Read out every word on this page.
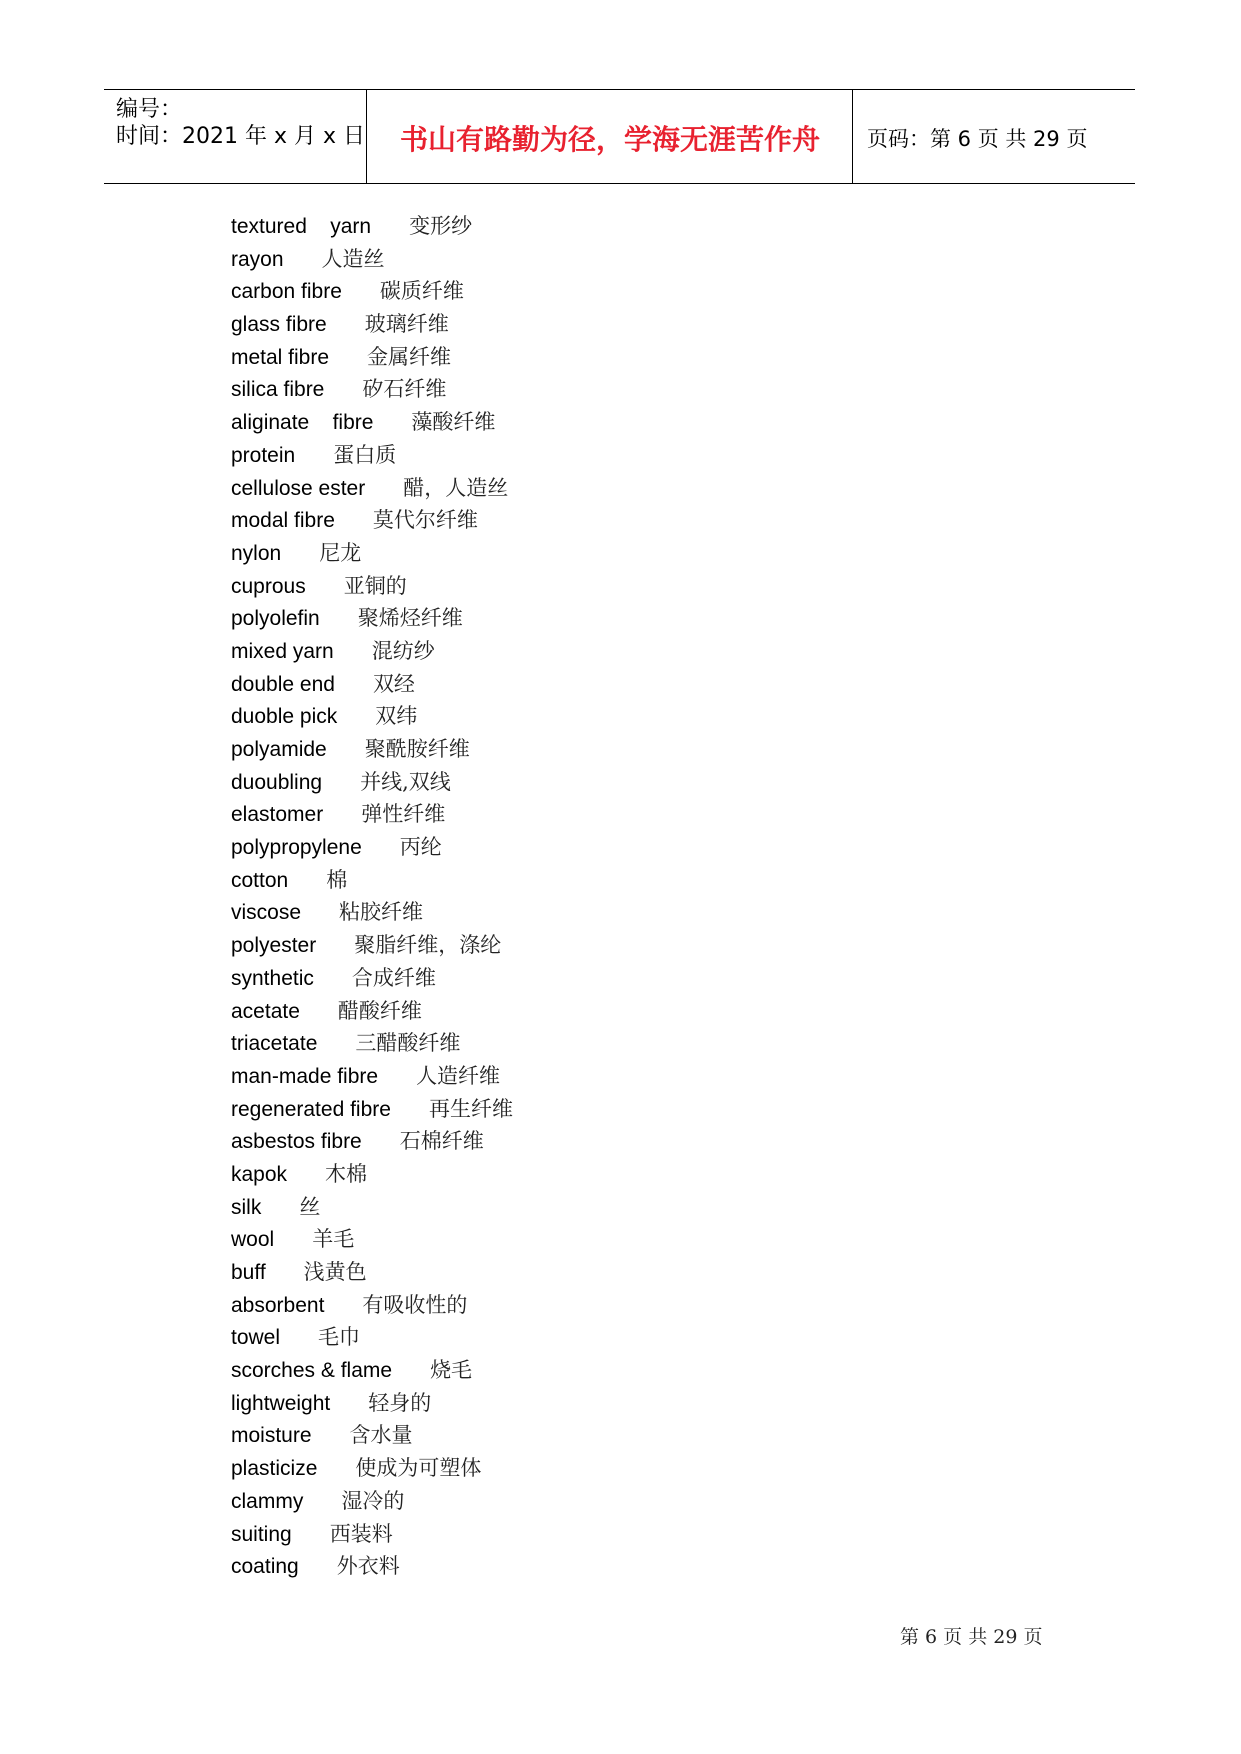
编号：
时间：2021 年 x 月 x 日	书山有路勤为径，学海无涯苦作舟	页码：第 6 页 共 29 页
textured    yarn 变形纱
rayon 人造丝
carbon fibre 碳质纤维
glass fibre 玻璃纤维
metal fibre 金属纤维
silica fibre 矽石纤维
aliginate    fibre 藻酸纤维
protein 蛋白质
cellulose ester 醋，人造丝
modal fibre 莫代尔纤维
nylon 尼龙
cuprous 亚铜的
polyolefin 聚烯烃纤维
mixed yarn 混纺纱
double end 双经
duoble pick 双纬
polyamide 聚酰胺纤维
duoubling 并线,双线
elastomer 弹性纤维
polypropylene 丙纶
cotton 棉
viscose 粘胶纤维
polyester 聚脂纤维，涤纶
synthetic 合成纤维
acetate 醋酸纤维
triacetate 三醋酸纤维
man-made fibre 人造纤维
regenerated fibre 再生纤维
asbestos fibre 石棉纤维
kapok 木棉
silk 丝
wool 羊毛
buff 浅黄色
absorbent 有吸收性的
towel 毛巾
scorches & flame 烧毛
lightweight 轻身的
moisture 含水量
plasticize 使成为可塑体
clammy 湿冷的
suiting 西装料
coating 外衣料
第 6 页 共 29 页
